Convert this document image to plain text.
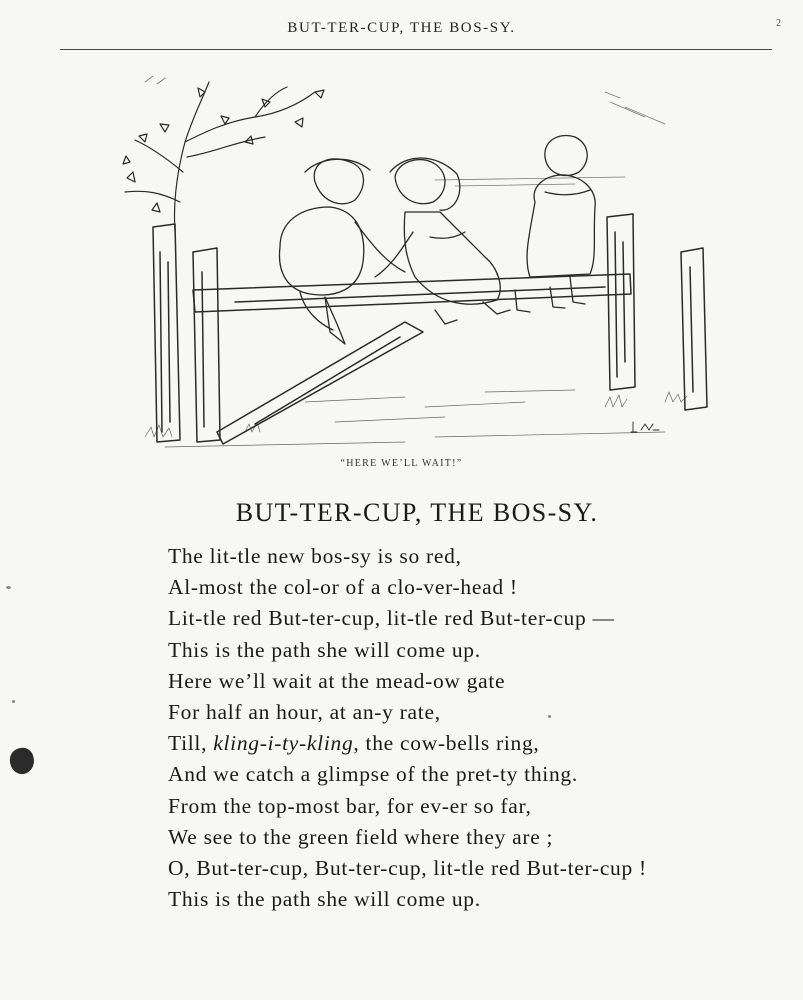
BUT-TER-CUP, THE BOS-SY.	2
“HERE WE’LL WAIT!”
BUT-TER-CUP, THE BOS-SY.
The lit-tle new bos-sy is so red,
Al-most the col-or of a clo-ver-head !
Lit-tle red But-ter-cup, lit-tle red But-ter-cup —
This is the path she will come up.
Here we’ll wait at the mead-ow gate
For half an hour, at an-y rate,
Till, kling-i-ty-kling, the cow-bells ring,
And we catch a glimpse of the pret-ty thing.
From the top-most bar, for ev-er so far,
We see to the green field where they are ;
O, But-ter-cup, But-ter-cup, lit-tle red But-ter-cup !
This is the path she will come up.
